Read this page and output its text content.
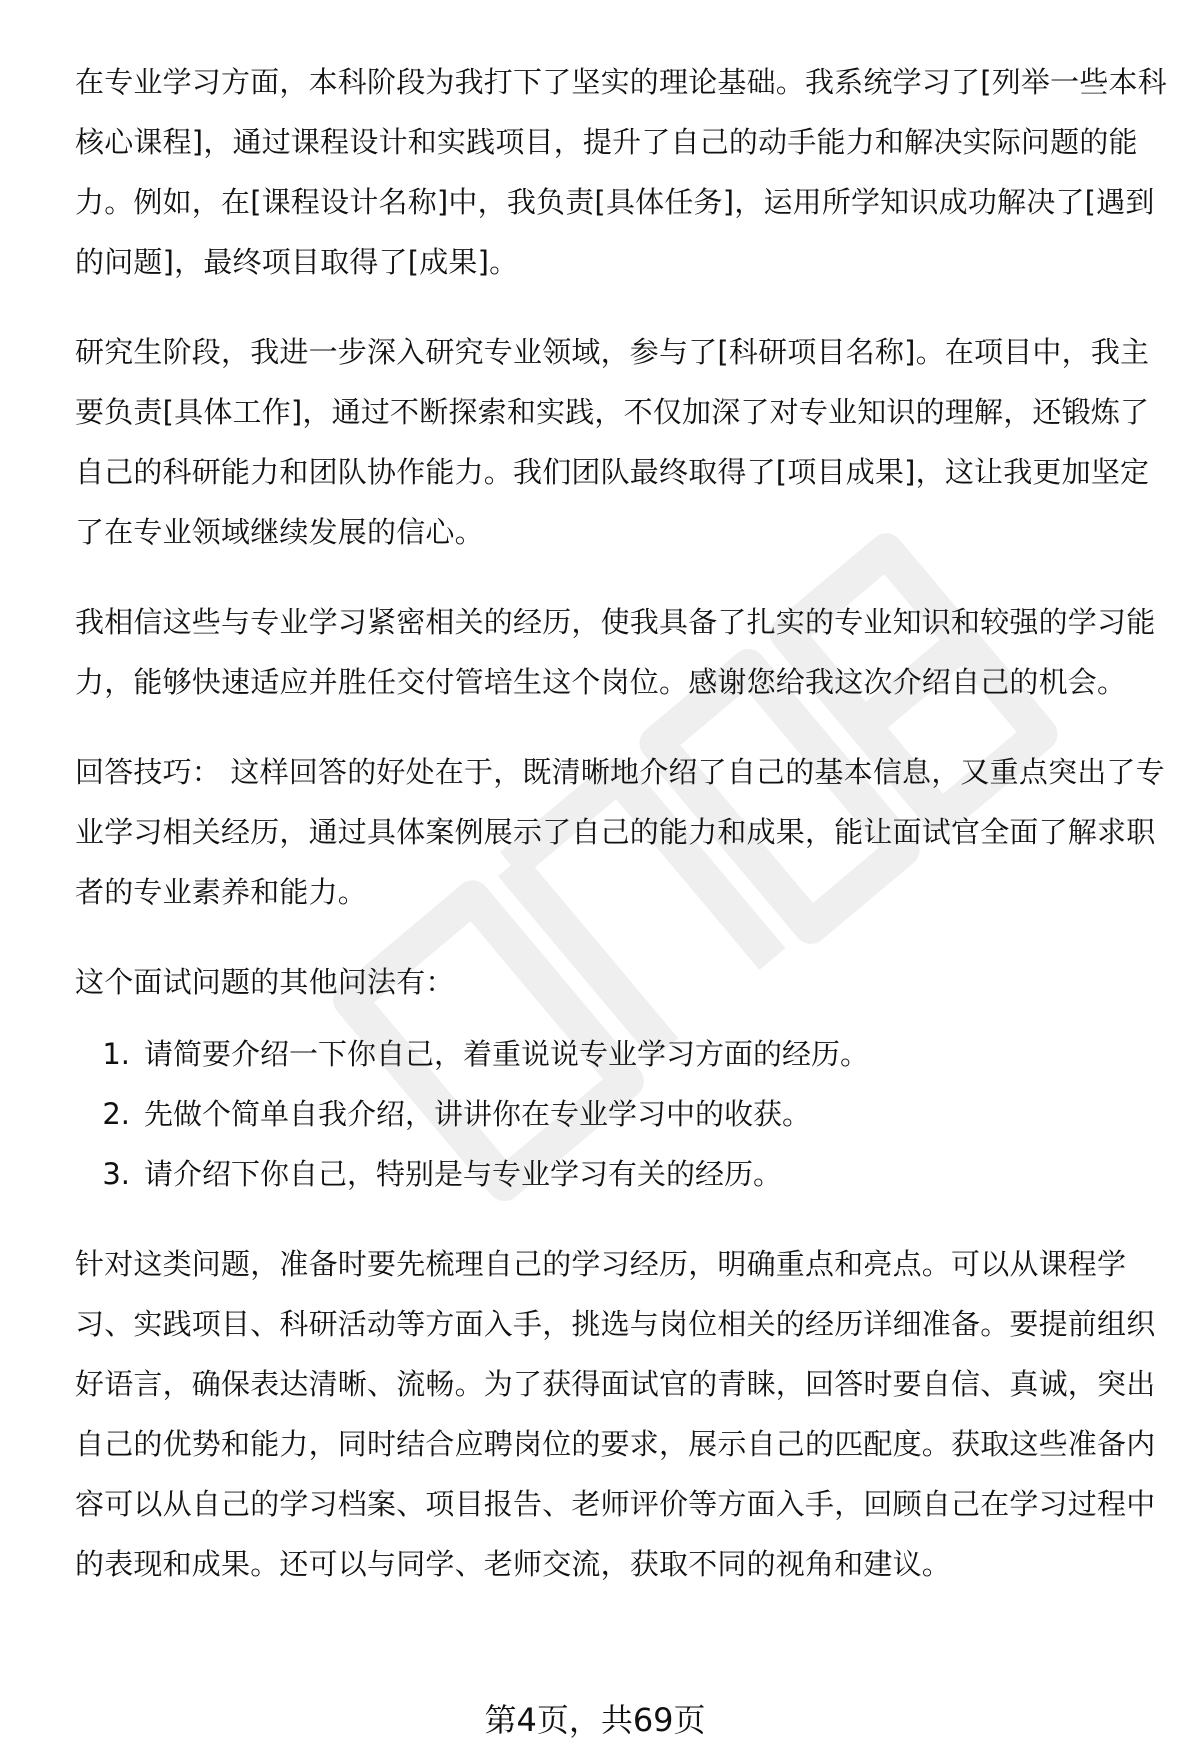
在专业学习方面，本科阶段为我打下了坚实的理论基础。我系统学习了[列举一些本科核心课程]，通过课程设计和实践项目，提升了自己的动手能力和解决实际问题的能力。例如，在[课程设计名称]中，我负责[具体任务]，运用所学知识成功解决了[遇到的问题]，最终项目取得了[成果]。

研究生阶段，我进一步深入研究专业领域，参与了[科研项目名称]。在项目中，我主要负责[具体工作]，通过不断探索和实践，不仅加深了对专业知识的理解，还锻炼了自己的科研能力和团队协作能力。我们团队最终取得了[项目成果]，这让我更加坚定了在专业领域继续发展的信心。

我相信这些与专业学习紧密相关的经历，使我具备了扎实的专业知识和较强的学习能力，能够快速适应并胜任交付管培生这个岗位。感谢您给我这次介绍自己的机会。

回答技巧： 这样回答的好处在于，既清晰地介绍了自己的基本信息，又重点突出了专业学习相关经历，通过具体案例展示了自己的能力和成果，能让面试官全面了解求职者的专业素养和能力。

这个面试问题的其他问法有：

1. 请简要介绍一下你自己，着重说说专业学习方面的经历。
2. 先做个简单自我介绍，讲讲你在专业学习中的收获。
3. 请介绍下你自己，特别是与专业学习有关的经历。

针对这类问题，准备时要先梳理自己的学习经历，明确重点和亮点。可以从课程学习、实践项目、科研活动等方面入手，挑选与岗位相关的经历详细准备。要提前组织好语言，确保表达清晰、流畅。为了获得面试官的青睐，回答时要自信、真诚，突出自己的优势和能力，同时结合应聘岗位的要求，展示自己的匹配度。获取这些准备内容可以从自己的学习档案、项目报告、老师评价等方面入手，回顾自己在学习过程中的表现和成果。还可以与同学、老师交流，获取不同的视角和建议。

第4页，共69页
